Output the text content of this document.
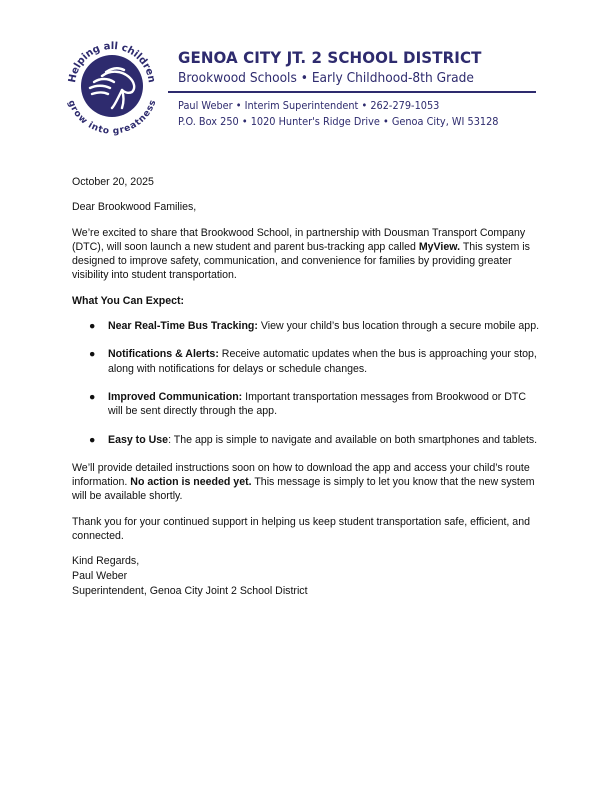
Helping all children
grow into greatness
GENOA CITY JT. 2 SCHOOL DISTRICT
Brookwood Schools • Early Childhood-8th Grade
Paul Weber • Interim Superintendent • 262-279-1053
P.O. Box 250 • 1020 Hunter's Ridge Drive • Genoa City, WI 53128

October 20, 2025

Dear Brookwood Families,

We’re excited to share that Brookwood School, in partnership with Dousman Transport Company (DTC), will soon launch a new student and parent bus-tracking app called MyView. This system is designed to improve safety, communication, and convenience for families by providing greater visibility into student transportation.

What You Can Expect:

● Near Real-Time Bus Tracking: View your child’s bus location through a secure mobile app.
● Notifications & Alerts: Receive automatic updates when the bus is approaching your stop, along with notifications for delays or schedule changes.
● Improved Communication: Important transportation messages from Brookwood or DTC will be sent directly through the app.
● Easy to Use: The app is simple to navigate and available on both smartphones and tablets.

We’ll provide detailed instructions soon on how to download the app and access your child’s route information. No action is needed yet. This message is simply to let you know that the new system will be available shortly.

Thank you for your continued support in helping us keep student transportation safe, efficient, and connected.

Kind Regards,
Paul Weber
Superintendent, Genoa City Joint 2 School District
